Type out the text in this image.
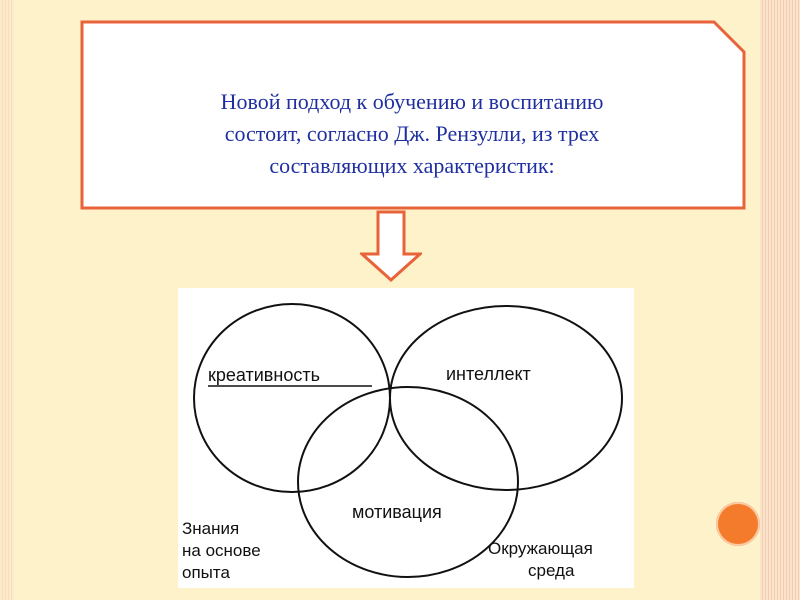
Новой подход к обучению и воспитанию
состоит, согласно Дж. Рензулли, из трех
составляющих характеристик:
креативность	интеллект
мотивация
Знания
на основе
опыта
Окружающая
среда
